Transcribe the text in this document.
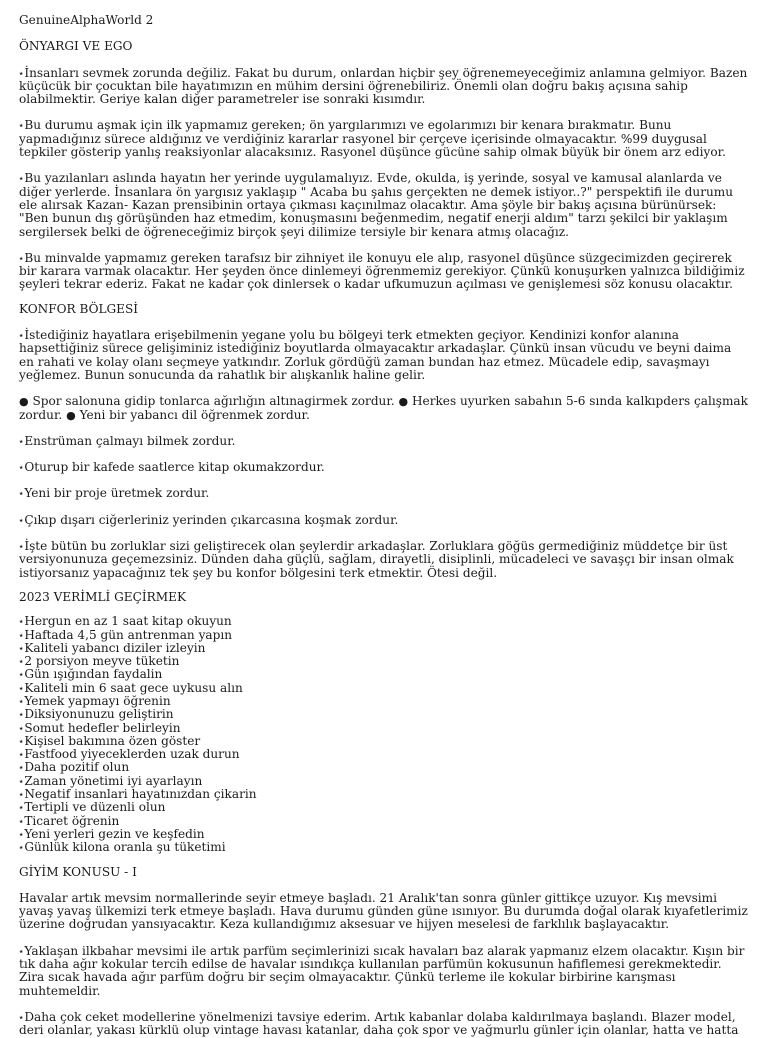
GenuineAlphaWorld 2

ÖNYARGI VE EGO

⭑İnsanları sevmek zorunda değiliz. Fakat bu durum, onlardan hiçbir şey öğrenemeyeceğimiz anlamına gelmiyor. Bazen küçücük bir çocuktan bile hayatımızın en mühim dersini öğrenebiliriz. Önemli olan doğru bakış açısına sahip olabilmektir. Geriye kalan diğer parametreler ise sonraki kısımdır.

⭑Bu durumu aşmak için ilk yapmamız gereken; ön yargılarımızı ve egolarımızı bir kenara bırakmatır. Bunu yapmadığınız sürece aldığınız ve verdiğiniz kararlar rasyonel bir çerçeve içerisinde olmayacaktır. %99 duygusal tepkiler gösterip yanlış reaksiyonlar alacaksınız. Rasyonel düşünce gücüne sahip olmak büyük bir önem arz ediyor.

⭑Bu yazılanları aslında hayatın her yerinde uygulamalıyız. Evde, okulda, iş yerinde, sosyal ve kamusal alanlarda ve diğer yerlerde. İnsanlara ön yargısız yaklaşıp " Acaba bu şahıs gerçekten ne demek istiyor..?" perspektifi ile durumu ele alırsak Kazan- Kazan prensibinin ortaya çıkması kaçınılmaz olacaktır. Ama şöyle bir bakış açısına bürünürsek: "Ben bunun dış görüşünden haz etmedim, konuşmasını beğenmedim, negatif enerji aldım" tarzı şekilci bir yaklaşım sergilersek belki de öğreneceğimiz birçok şeyi dilimize tersiyle bir kenara atmış olacağız.

⭑Bu minvalde yapmamız gereken tarafsız bir zihniyet ile konuyu ele alıp, rasyonel düşünce süzgecimizden geçirerek bir karara varmak olacaktır. Her şeyden önce dinlemeyi öğrenmemiz gerekiyor. Çünkü konuşurken yalnızca bildiğimiz şeyleri tekrar ederiz. Fakat ne kadar çok dinlersek o kadar ufkumuzun açılması ve genişlemesi söz konusu olacaktır.

KONFOR BÖLGESİ

⭑İstediğiniz hayatlara erişebilmenin yegane yolu bu bölgeyi terk etmekten geçiyor. Kendinizi konfor alanına hapsettiğiniz sürece gelişiminiz istediğiniz boyutlarda olmayacaktır arkadaşlar. Çünkü insan vücudu ve beyni daima en rahati ve kolay olanı seçmeye yatkındır. Zorluk gördüğü zaman bundan haz etmez. Mücadele edip, savaşmayı yeğlemez. Bunun sonucunda da rahatlık bir alışkanlık haline gelir.

● Spor salonuna gidip tonlarca ağırlığın altınagirmek zordur. ● Herkes uyurken sabahın 5-6 sında kalkıpders çalışmak zordur. ● Yeni bir yabancı dil öğrenmek zordur.

⭑Enstrüman çalmayı bilmek zordur.

⭑Oturup bir kafede saatlerce kitap okumakzordur.

⭑Yeni bir proje üretmek zordur.

⭑Çıkıp dışarı ciğerleriniz yerinden çıkarcasına koşmak zordur.

⭑İşte bütün bu zorluklar sizi geliştirecek olan şeylerdir arkadaşlar. Zorluklara göğüs germediğiniz müddetçe bir üst versiyonunuza geçemezsiniz. Dünden daha güçlü, sağlam, dirayetli, disiplinli, mücadeleci ve savaşçı bir insan olmak istiyorsanız yapacağınız tek şey bu konfor bölgesini terk etmektir. Ötesi değil.

2023 VERİMLİ GEÇİRMEK

⭑Hergun en az 1 saat kitap okuyun
⭑Haftada 4,5 gün antrenman yapın
⭑Kaliteli yabancı diziler izleyin
⭑2 porsiyon meyve tüketin
⭑Gün ışığından faydalin
⭑Kaliteli min 6 saat gece uykusu alın
⭑Yemek yapmayı öğrenin
⭑Diksiyonunuzu geliştirin
⭑Somut hedefler belirleyin
⭑Kişisel bakımına özen göster
⭑Fastfood yiyeceklerden uzak durun
⭑Daha pozitif olun
⭑Zaman yönetimi iyi ayarlayın
⭑Negatif insanlari hayatınızdan çikarin
⭑Tertipli ve düzenli olun
⭑Ticaret öğrenin
⭑Yeni yerleri gezin ve keşfedin
⭑Günlük kilona oranla şu tüketimi

GİYİM KONUSU - I

Havalar artık mevsim normallerinde seyir etmeye başladı. 21 Aralık'tan sonra günler gittikçe uzuyor. Kış mevsimi yavaş yavaş ülkemizi terk etmeye başladı. Hava durumu günden güne ısınıyor. Bu durumda doğal olarak kıyafetlerimiz üzerine doğrudan yansıyacaktır. Keza kullandığımız aksesuar ve hijyen meselesi de farklılık başlayacaktır.

⭑Yaklaşan ilkbahar mevsimi ile artık parfüm seçimlerinizi sıcak havaları baz alarak yapmanız elzem olacaktır. Kışın bir tık daha ağır kokular tercih edilse de havalar ısındıkça kullanılan parfümün kokusunun hafiflemesi gerekmektedir. Zira sıcak havada ağır parfüm doğru bir seçim olmayacaktır. Çünkü terleme ile kokular birbirine karışması muhtemeldir.

⭑Daha çok ceket modellerine yönelmenizi tavsiye ederim. Artık kabanlar dolaba kaldırılmaya başlandı. Blazer model, deri olanlar, yakası kürklü olup vintage havası katanlar, daha çok spor ve yağmurlu günler için olanlar, hatta ve hatta
